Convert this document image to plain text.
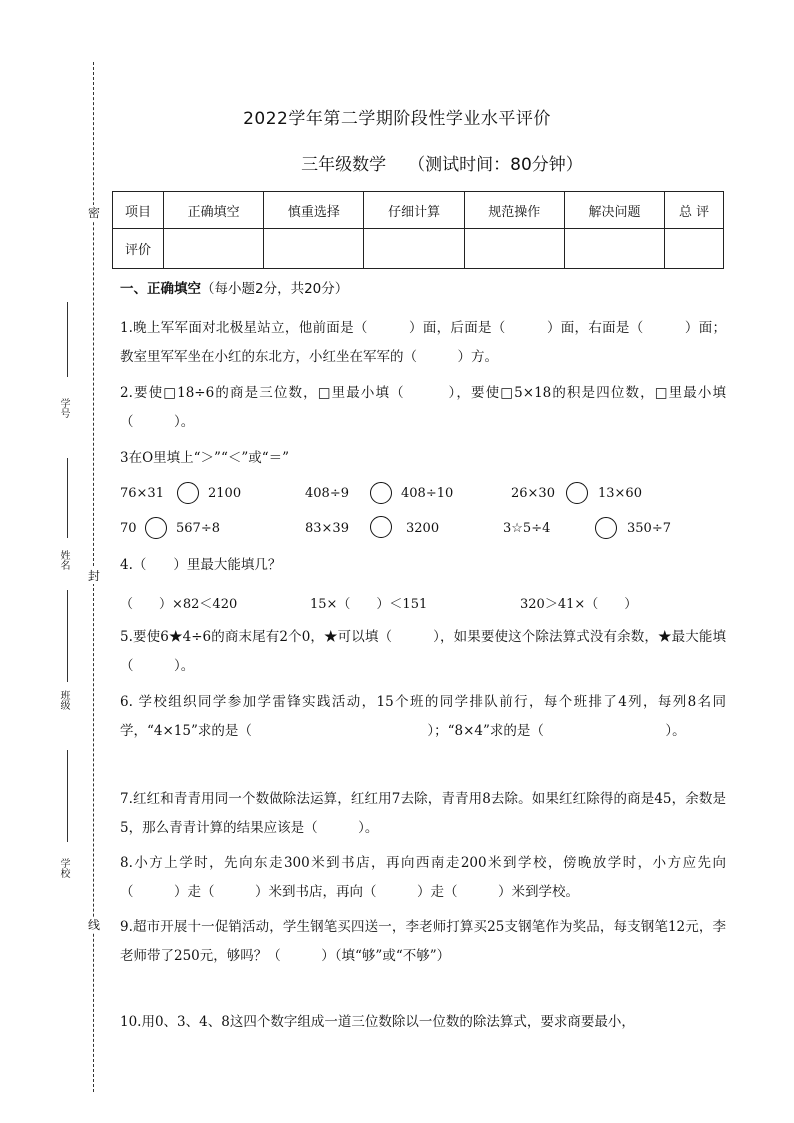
密
封
线
学号
姓名
班级
学校
2022学年第二学期阶段性学业水平评价
三年级数学 （测试时间：80分钟）
项目	正确填空	慎重选择	仔细计算	规范操作	解决问题	总 评
评价						
一、正确填空（每小题2分，共20分）
1.晚上军军面对北极星站立，他前面是（　　　）面，后面是（　　　）面，右面是（　　　）面；教室里军军坐在小红的东北方，小红坐在军军的（　　　）方。
2.要使□18÷6的商是三位数，□里最小填（　　　），要使□5×18的积是四位数，□里最小填（　　　）。
3在O里填上“＞”“＜”或“＝”
76×31	2100	408÷9	408÷10	26×30	13×60
70	567÷8	83×39	3200	3☆5÷4	350÷7
4.（　　）里最大能填几？
（　　）×82＜420	15×（　　）＜151	320＞41×（　　）
5.要使6★4÷6的商末尾有2个0，★可以填（　　　），如果要使这个除法算式没有余数，★最大能填（　　　）。
6. 学校组织同学参加学雷锋实践活动，15个班的同学排队前行，每个班排了4列，每列8名同学，“4×15”求的是（　　　　　　　　　　　　　）；“8×4”求的是（　　　　　　　　　）。
7.红红和青青用同一个数做除法运算，红红用7去除，青青用8去除。如果红红除得的商是45，余数是5，那么青青计算的结果应该是（　　　）。
8.小方上学时，先向东走300米到书店，再向西南走200米到学校，傍晚放学时，小方应先向（　　　）走（　　　）米到书店，再向（　　　）走（　　　）米到学校。
9.超市开展十一促销活动，学生钢笔买四送一，李老师打算买25支钢笔作为奖品，每支钢笔12元，李老师带了250元，够吗？（　　　）（填“够”或“不够”）
10.用0、3、4、8这四个数字组成一道三位数除以一位数的除法算式，要求商要最小，
